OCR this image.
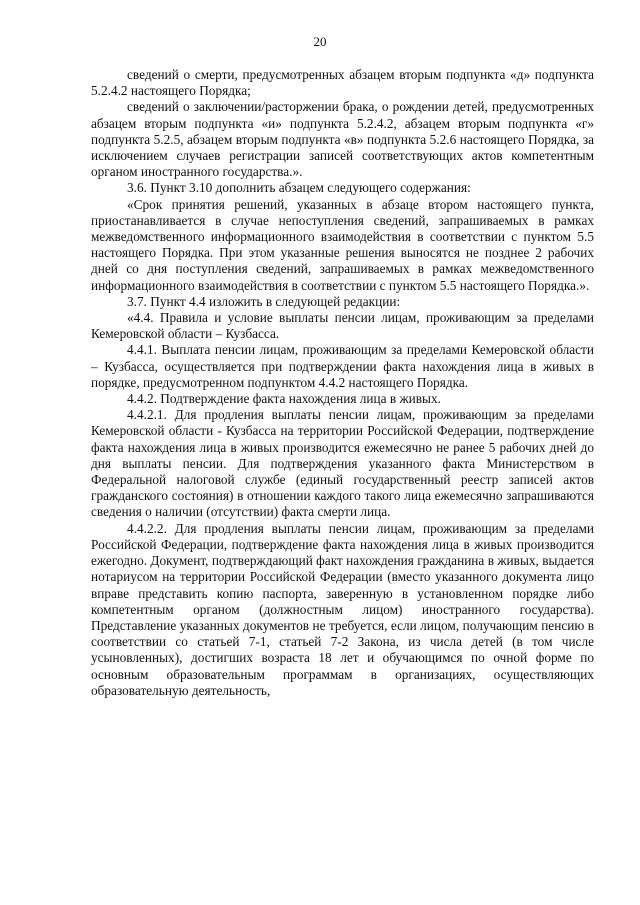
20

сведений о смерти, предусмотренных абзацем вторым подпункта «д» подпункта 5.2.4.2 настоящего Порядка;

сведений о заключении/расторжении брака, о рождении детей, предусмотренных абзацем вторым подпункта «и» подпункта 5.2.4.2, абзацем вторым подпункта «г» подпункта 5.2.5, абзацем вторым подпункта «в» подпункта 5.2.6 настоящего Порядка, за исключением случаев регистрации записей соответствующих актов компетентным органом иностранного государства.».

3.6. Пункт 3.10 дополнить абзацем следующего содержания:

«Срок принятия решений, указанных в абзаце втором настоящего пункта, приостанавливается в случае непоступления сведений, запрашиваемых в рамках межведомственного информационного взаимодействия в соответствии с пунктом 5.5 настоящего Порядка. При этом указанные решения выносятся не позднее 2 рабочих дней со дня поступления сведений, запрашиваемых в рамках межведомственного информационного взаимодействия в соответствии с пунктом 5.5 настоящего Порядка.».

3.7. Пункт 4.4 изложить в следующей редакции:

«4.4. Правила и условие выплаты пенсии лицам, проживающим за пределами Кемеровской области – Кузбасса.

4.4.1. Выплата пенсии лицам, проживающим за пределами Кемеровской области – Кузбасса, осуществляется при подтверждении факта нахождения лица в живых в порядке, предусмотренном подпунктом 4.4.2 настоящего Порядка.

4.4.2. Подтверждение факта нахождения лица в живых.

4.4.2.1. Для продления выплаты пенсии лицам, проживающим за пределами Кемеровской области - Кузбасса на территории Российской Федерации, подтверждение факта нахождения лица в живых производится ежемесячно не ранее 5 рабочих дней до дня выплаты пенсии. Для подтверждения указанного факта Министерством в Федеральной налоговой службе (единый государственный реестр записей актов гражданского состояния) в отношении каждого такого лица ежемесячно запрашиваются сведения о наличии (отсутствии) факта смерти лица.

4.4.2.2. Для продления выплаты пенсии лицам, проживающим за пределами Российской Федерации, подтверждение факта нахождения лица в живых производится ежегодно. Документ, подтверждающий факт нахождения гражданина в живых, выдается нотариусом на территории Российской Федерации (вместо указанного документа лицо вправе представить копию паспорта, заверенную в установленном порядке либо компетентным органом (должностным лицом) иностранного государства). Представление указанных документов не требуется, если лицом, получающим пенсию в соответствии со статьей 7-1, статьей 7-2 Закона, из числа детей (в том числе усыновленных), достигших возраста 18 лет и обучающимся по очной форме по основным образовательным программам в организациях, осуществляющих образовательную деятельность,
